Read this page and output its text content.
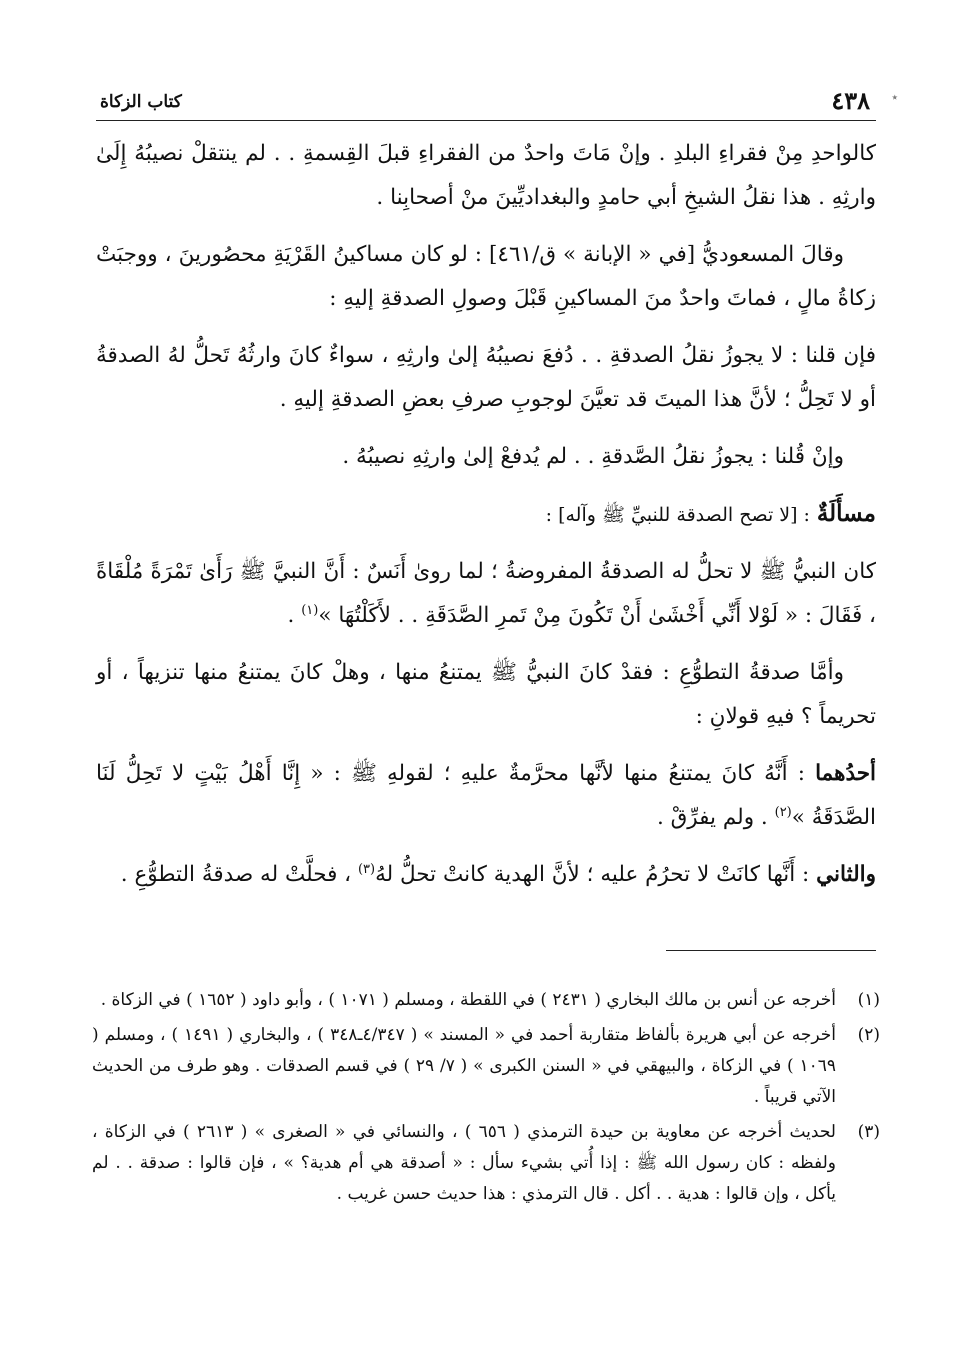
٤٣٨
كتاب الزكاة	٭

كالواحدِ مِنْ فقراءِ البلدِ . وإنْ مَاتَ واحدٌ من الفقراءِ قبلَ القِسمةِ . . لم ينتقلْ نصيبُهُ إِلَىٰ وارثِهِ . هذا نقلُ الشيخِ أبي حامدٍ والبغداديِّينَ منْ أصحابِنا .

وقالَ المسعوديُّ [في « الإبانة » ق/٤٦١] : لو كان مساكينُ القَرْيَةِ محصُورينَ ، ووجبَتْ زكاةُ مالٍ ، فماتَ واحدٌ منَ المساكينِ قَبْلَ وصولِ الصدقةِ إليهِ :

فإن قلنا : لا يجوزُ نقلُ الصدقةِ . . دُفعَ نصيبُهُ إلىٰ وارثِهِ ، سواءٌ كانَ وارثُهُ تَحلُّ لهُ الصدقةُ أو لا تَحِلُّ ؛ لأنَّ هذا الميتَ قد تعيَّنَ لوجوبِ صرفِ بعضِ الصدقةِ إليهِ .

وإنْ قُلنا : يجوزُ نقلُ الصَّدقةِ . . لم يُدفعْ إلىٰ وارثِهِ نصيبُهُ .

مسأَلَةٌ : [لا تصح الصدقة للنبيِّ ﷺ وآله] :

كان النبيُّ ﷺ لا تحلُّ له الصدقةُ المفروضةُ ؛ لما روىٰ أَنَسٌ : أَنَّ النبيَّ ﷺ رَأَىٰ تَمْرَةً مُلْقَاةً ، فَقَالَ : « لَوْلا أَنِّي أَخْشَىٰ أَنْ تَكُونَ مِنْ تَمرِ الصَّدَقَةِ . . لأَكَلْتُهَا »$^{(١)}$ .

وأمَّا صدقةُ التطوُّعِ : فقدْ كانَ النبيُّ ﷺ يمتنعُ منها ، وهلْ كانَ يمتنعُ منها تنزيهاً ، أو تحريماً ؟ فيهِ قولانِ :

أحدُهما : أَنَّهُ كانَ يمتنعُ منها لأنَّها محرَّمةٌ عليهِ ؛ لقولهِ ﷺ : « إِنَّا أَهْلُ بَيْتٍ لا تَحِلُّ لَنَا الصَّدَقَةُ »$^{(٢)}$ . ولم يفرِّقْ .

والثاني : أَنَّها كانَتْ لا تحرُمُ عليه ؛ لأنَّ الهدية كانتْ تحلُّ لهُ$^{(٣)}$ ، فحلَّتْ له صدقةُ التطوُّعِ .

(١)
أخرجه عن أنس بن مالك البخاري ( ٢٤٣١ ) في اللقطة ، ومسلم ( ١٠٧١ ) ، وأبو داود ( ١٦٥٢ ) في الزكاة .
(٢)
أخرجه عن أبي هريرة بألفاظ متقاربة أحمد في « المسند » ( ٤/٣٤٧ـ٣٤٨ ) ، والبخاري ( ١٤٩١ ) ، ومسلم ( ١٠٦٩ ) في الزكاة ، والبيهقي في « السنن الكبرى » ( ٧/ ٢٩ ) في قسم الصدقات . وهو طرف من الحديث الآتي قريباً .
(٣)
لحديث أخرجه عن معاوية بن حيدة الترمذي ( ٦٥٦ ) ، والنسائي في « الصغرى » ( ٢٦١٣ ) في الزكاة ، ولفظه : كان رسول الله ﷺ : إذا أُتي بشيء سأل : « أصدقة هي أم هدية؟ » ، فإن قالوا : صدقة . . لم يأكل ، وإن قالوا : هدية . . أكل . قال الترمذي : هذا حديث حسن غريب .
